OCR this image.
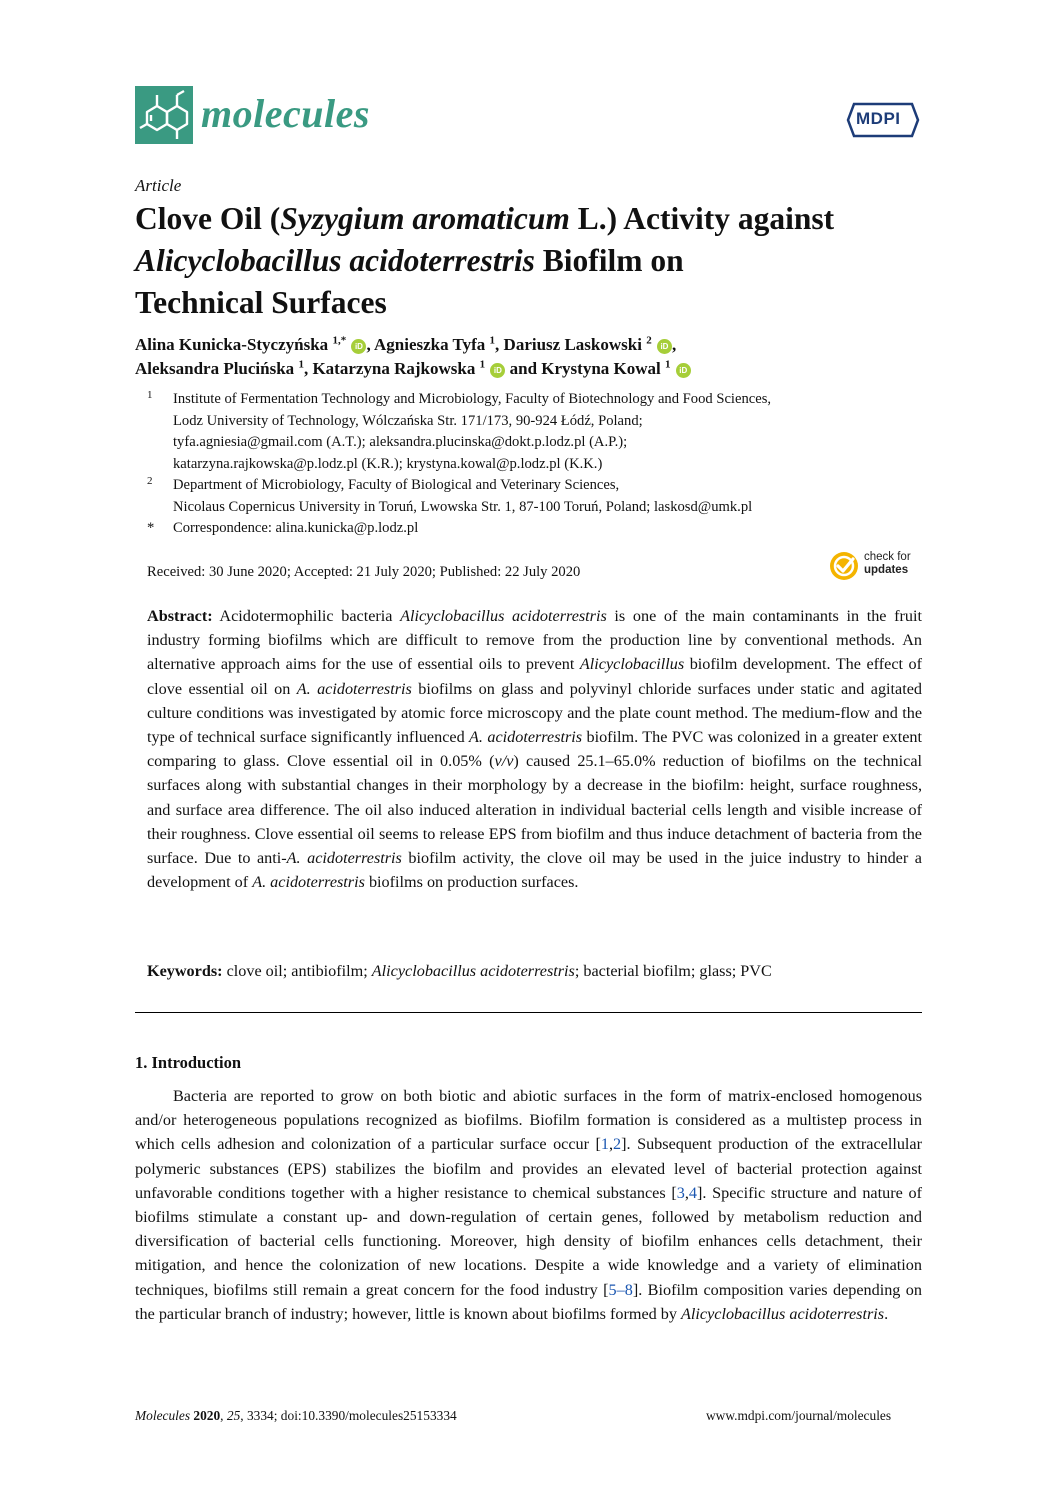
molecules	MDPI
Article
Clove Oil (Syzygium aromaticum L.) Activity against
Alicyclobacillus acidoterrestris Biofilm on
Technical Surfaces
Alina Kunicka-Styczyńska $^{1,*}$ iD , Agnieszka Tyfa $^1$, Dariusz Laskowski $^2$ iD ,
Aleksandra Plucińska $^1$, Katarzyna Rajkowska $^1$ iD and Krystyna Kowal $^1$ iD
1 Institute of Fermentation Technology and Microbiology, Faculty of Biotechnology and Food Sciences,
Lodz University of Technology, Wólczańska Str. 171/173, 90-924 Łódź, Poland;
tyfa.agniesia@gmail.com (A.T.); aleksandra.plucinska@dokt.p.lodz.pl (A.P.);
katarzyna.rajkowska@p.lodz.pl (K.R.); krystyna.kowal@p.lodz.pl (K.K.)
2 Department of Microbiology, Faculty of Biological and Veterinary Sciences,
Nicolaus Copernicus University in Toruń, Lwowska Str. 1, 87-100 Toruń, Poland; laskosd@umk.pl
* Correspondence: alina.kunicka@p.lodz.pl
Received: 30 June 2020; Accepted: 21 July 2020; Published: 22 July 2020
check for
updates
Abstract: Acidotermophilic bacteria Alicyclobacillus acidoterrestris is one of the main contaminants in the fruit industry forming biofilms which are difficult to remove from the production line by conventional methods. An alternative approach aims for the use of essential oils to prevent Alicyclobacillus biofilm development. The effect of clove essential oil on A. acidoterrestris biofilms on glass and polyvinyl chloride surfaces under static and agitated culture conditions was investigated by atomic force microscopy and the plate count method. The medium-flow and the type of technical surface significantly influenced A. acidoterrestris biofilm. The PVC was colonized in a greater extent comparing to glass. Clove essential oil in 0.05% (v/v) caused 25.1–65.0% reduction of biofilms on the technical surfaces along with substantial changes in their morphology by a decrease in the biofilm: height, surface roughness, and surface area difference. The oil also induced alteration in individual bacterial cells length and visible increase of their roughness. Clove essential oil seems to release EPS from biofilm and thus induce detachment of bacteria from the surface. Due to anti-A. acidoterrestris biofilm activity, the clove oil may be used in the juice industry to hinder a development of A. acidoterrestris biofilms on production surfaces.
Keywords: clove oil; antibiofilm; Alicyclobacillus acidoterrestris; bacterial biofilm; glass; PVC
1. Introduction
Bacteria are reported to grow on both biotic and abiotic surfaces in the form of matrix-enclosed homogenous and/or heterogeneous populations recognized as biofilms. Biofilm formation is considered as a multistep process in which cells adhesion and colonization of a particular surface occur [1,2]. Subsequent production of the extracellular polymeric substances (EPS) stabilizes the biofilm and provides an elevated level of bacterial protection against unfavorable conditions together with a higher resistance to chemical substances [3,4]. Specific structure and nature of biofilms stimulate a constant up- and down-regulation of certain genes, followed by metabolism reduction and diversification of bacterial cells functioning. Moreover, high density of biofilm enhances cells detachment, their mitigation, and hence the colonization of new locations. Despite a wide knowledge and a variety of elimination techniques, biofilms still remain a great concern for the food industry [5–8]. Biofilm composition varies depending on the particular branch of industry; however, little is known about biofilms formed by Alicyclobacillus acidoterrestris.
Molecules 2020, 25, 3334; doi:10.3390/molecules25153334	www.mdpi.com/journal/molecules
